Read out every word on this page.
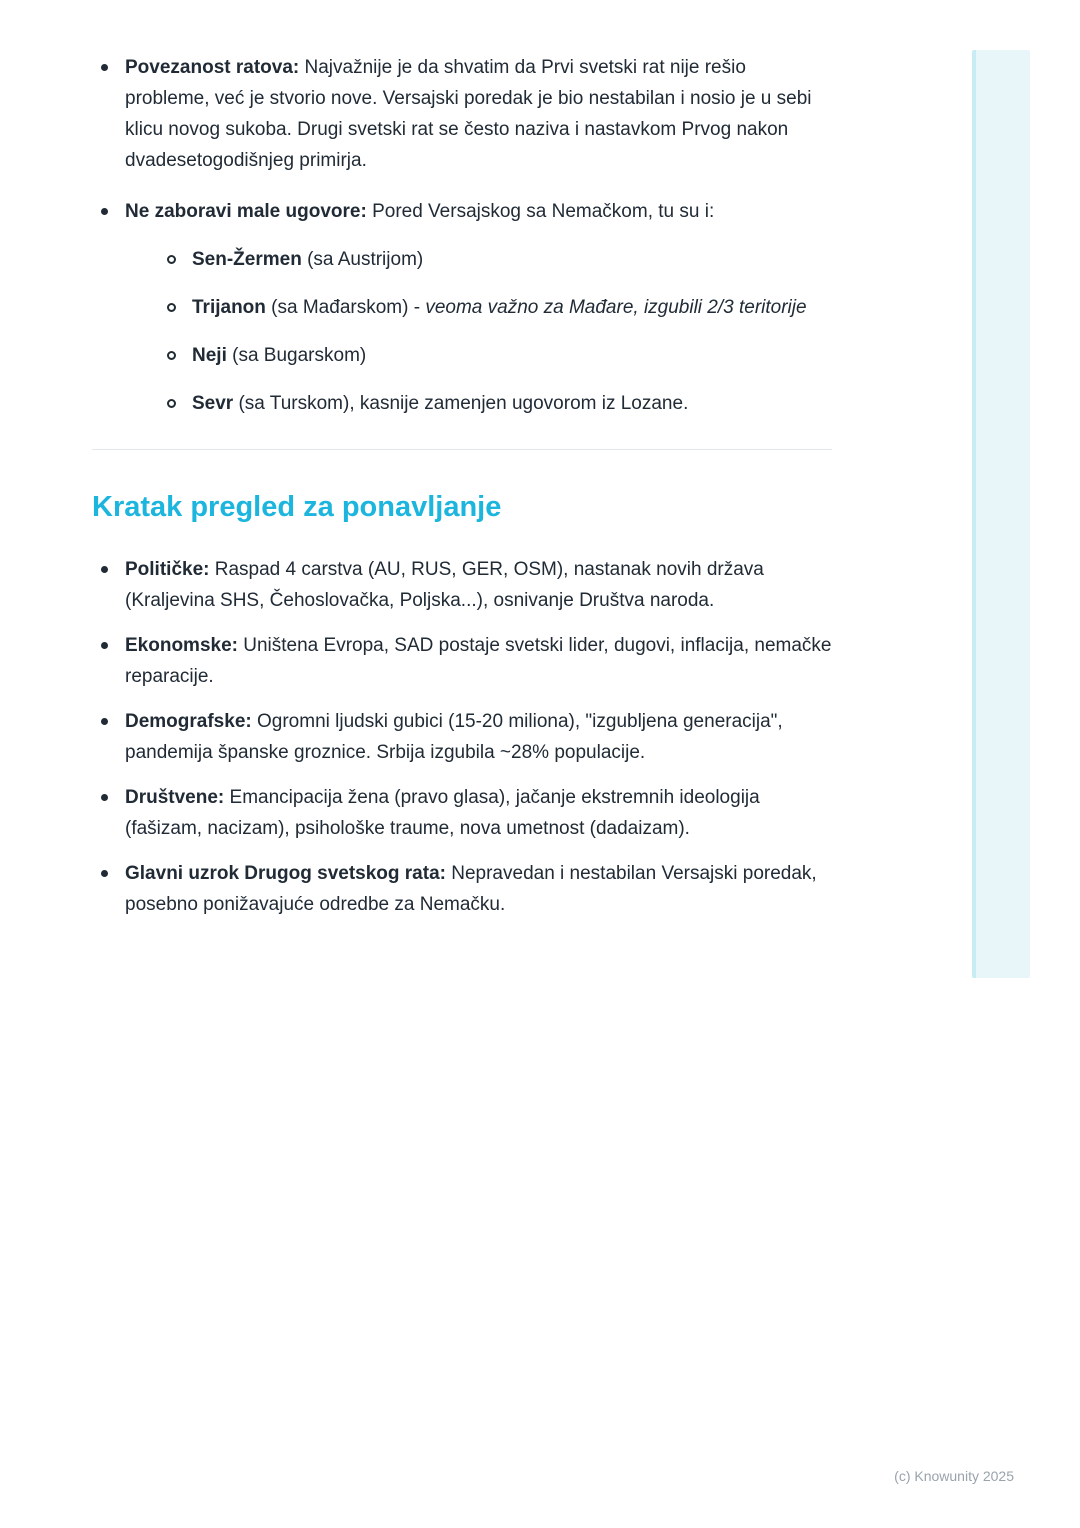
Povezanost ratova: Najvažnije je da shvatim da Prvi svetski rat nije rešio probleme, već je stvorio nove. Versajski poredak je bio nestabilan i nosio je u sebi klicu novog sukoba. Drugi svetski rat se često naziva i nastavkom Prvog nakon dvadesetogodišnjeg primirja.
Ne zaboravi male ugovore: Pored Versajskog sa Nemačkom, tu su i:
Sen-Žermen (sa Austrijom)
Trijanon (sa Mađarskom) - veoma važno za Mađare, izgubili 2/3 teritorije
Neji (sa Bugarskom)
Sevr (sa Turskom), kasnije zamenjen ugovorom iz Lozane.
Kratak pregled za ponavljanje
Političke: Raspad 4 carstva (AU, RUS, GER, OSM), nastanak novih država (Kraljevina SHS, Čehoslovačka, Poljska...), osnivanje Društva naroda.
Ekonomske: Uništena Evropa, SAD postaje svetski lider, dugovi, inflacija, nemačke reparacije.
Demografske: Ogromni ljudski gubici (15-20 miliona), "izgubljena generacija", pandemija španske groznice. Srbija izgubila ~28% populacije.
Društvene: Emancipacija žena (pravo glasa), jačanje ekstremnih ideologija (fašizam, nacizam), psihološke traume, nova umetnost (dadaizam).
Glavni uzrok Drugog svetskog rata: Nepravedan i nestabilan Versajski poredak, posebno ponižavajuće odredbe za Nemačku.
(c) Knowunity 2025
